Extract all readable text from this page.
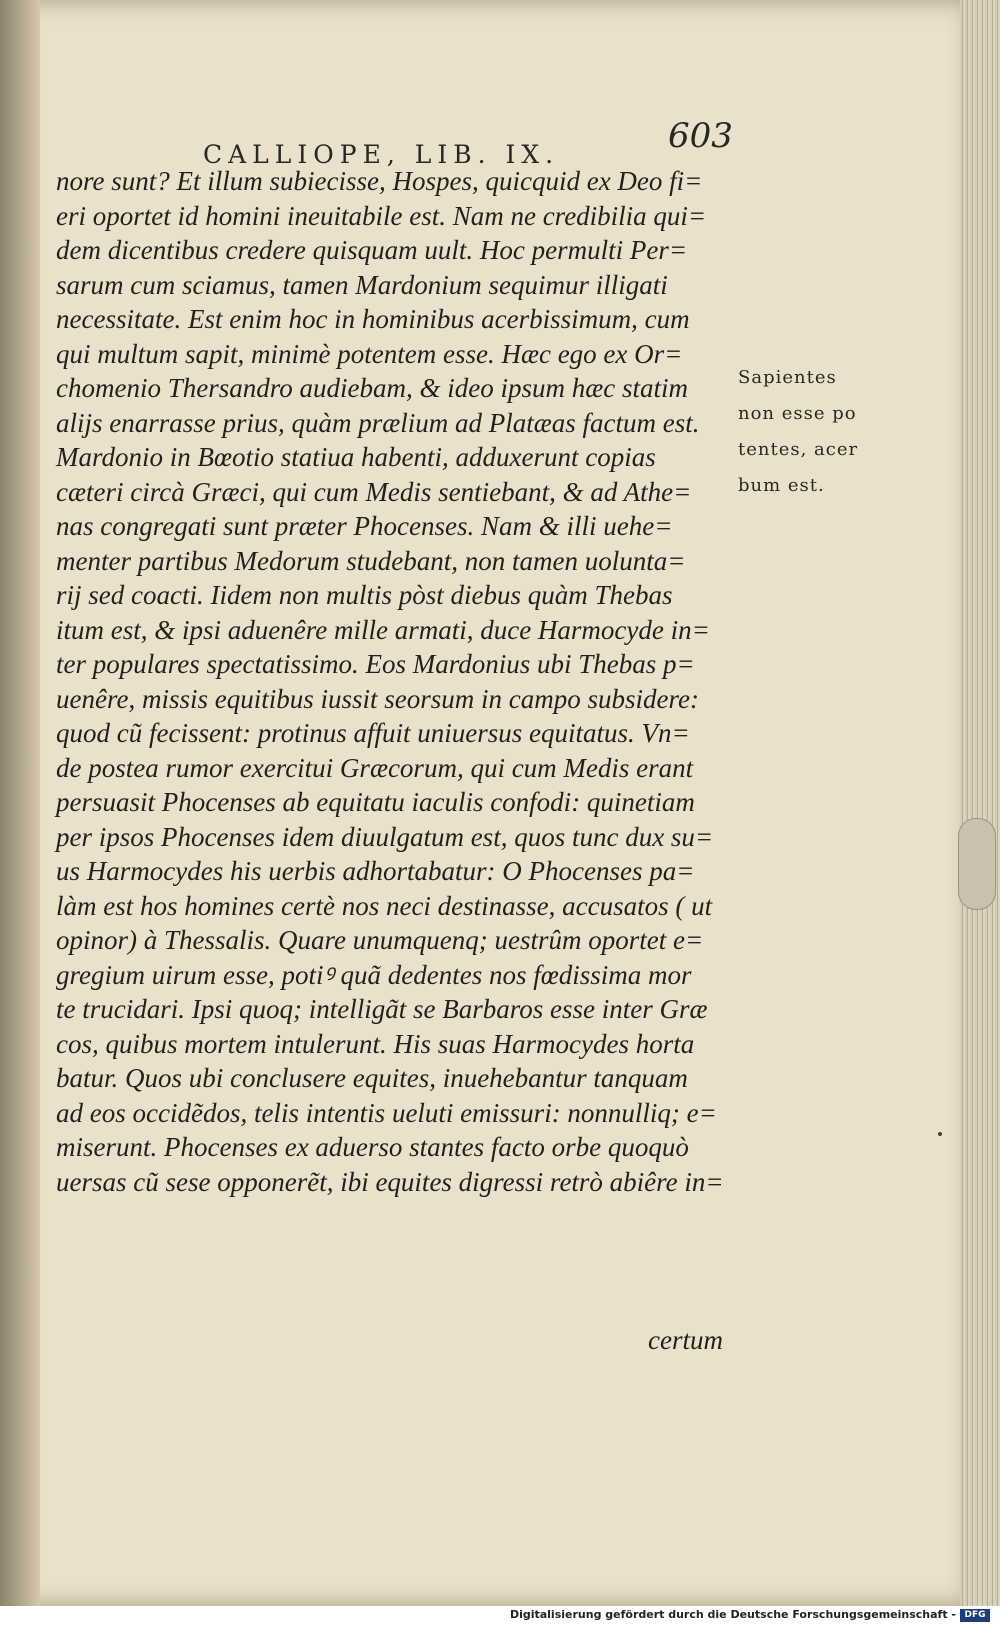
CALLIOPE, LIB. IX.	603
nore sunt? Et illum subiecisse, Hospes, quicquid ex Deo fi=
eri oportet id homini ineuitabile est. Nam ne credibilia qui=
dem dicentibus credere quisquam uult. Hoc permulti Per=
sarum cum sciamus, tamen Mardonium sequimur illigati
necessitate. Est enim hoc in hominibus acerbissimum, cum
qui multum sapit, minimè potentem esse. Hæc ego ex Or=
chomenio Thersandro audiebam, & ideo ipsum hæc statim
alijs enarrasse prius, quàm prælium ad Platæas factum est.
Mardonio in Bœotio statiua habenti, adduxerunt copias
cæteri circà Græci, qui cum Medis sentiebant, & ad Athe=
nas congregati sunt præter Phocenses. Nam & illi uehe=
menter partibus Medorum studebant, non tamen uolunta=
rij sed coacti. Iidem non multis pòst diebus quàm Thebas
itum est, & ipsi aduenêre mille armati, duce Harmocyde in=
ter populares spectatissimo. Eos Mardonius ubi Thebas p=
uenêre, missis equitibus iussit seorsum in campo subsidere:
quod cũ fecissent: protinus affuit uniuersus equitatus. Vn=
de postea rumor exercitui Græcorum, qui cum Medis erant
persuasit Phocenses ab equitatu iaculis confodi: quinetiam
per ipsos Phocenses idem diuulgatum est, quos tunc dux su=
us Harmocydes his uerbis adhortabatur: O Phocenses pa=
làm est hos homines certè nos neci destinasse, accusatos ( ut
opinor) à Thessalis. Quare unumquenq; uestrûm oportet e=
gregium uirum esse, potiꝰ quã dedentes nos fœdissima mor
te trucidari. Ipsi quoq; intelligãt se Barbaros esse inter Græ
cos, quibus mortem intulerunt. His suas Harmocydes horta
batur. Quos ubi conclusere equites, inuehebantur tanquam
ad eos occidẽdos, telis intentis ueluti emissuri: nonnulliq; e=
miserunt. Phocenses ex aduerso stantes facto orbe quoquò
uersas cũ sese opponerẽt, ibi equites digressi retrò abiêre in=
certum
Sapientes
non esse po
tentes, acer
bum est.
Digitalisierung gefördert durch die Deutsche Forschungsgemeinschaft - DFG
